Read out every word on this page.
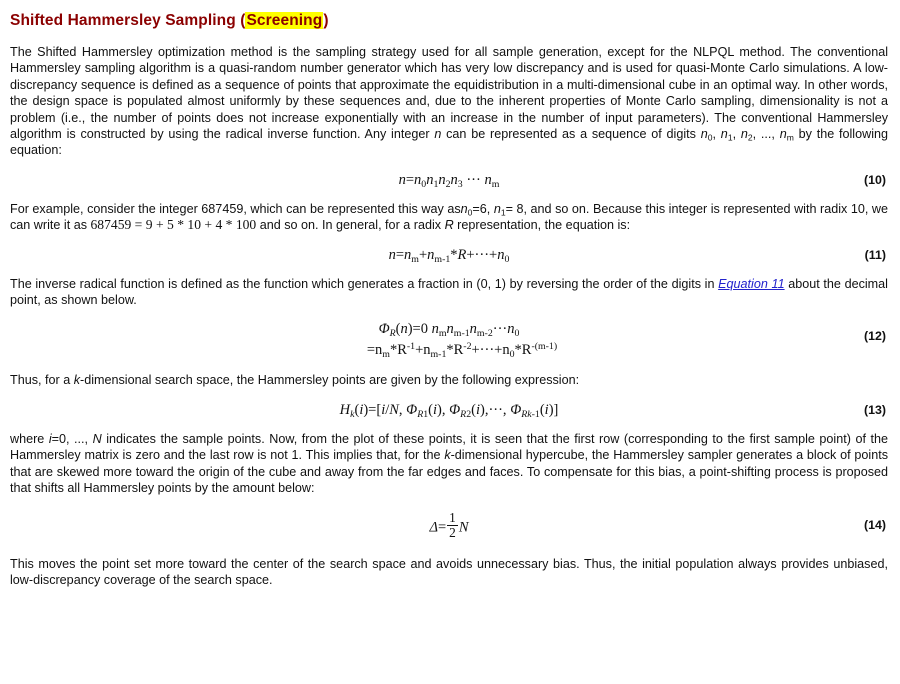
Shifted Hammersley Sampling (Screening)

The Shifted Hammersley optimization method is the sampling strategy used for all sample generation, except for the NLPQL method. The conventional Hammersley sampling algorithm is a quasi-random number generator which has very low discrepancy and is used for quasi-Monte Carlo simulations. A low-discrepancy sequence is defined as a sequence of points that approximate the equidistribution in a multi-dimensional cube in an optimal way. In other words, the design space is populated almost uniformly by these sequences and, due to the inherent properties of Monte Carlo sampling, dimensionality is not a problem (i.e., the number of points does not increase exponentially with an increase in the number of input parameters). The conventional Hammersley algorithm is constructed by using the radical inverse function. Any integer n can be represented as a sequence of digits $n_0$, $n_1$, $n_2$, ..., $n_m$ by the following equation:

$n=n_0n_1n_2n_3$ ··· $n_m$	(10)

For example, consider the integer 687459, which can be represented this way asn$_0$=6, $n_1= 8$, and so on. Because this integer is represented with radix 10, we can write it as 687459 = 9 + 5 * 10 + 4 * 100 and so on. In general, for a radix R representation, the equation is:

$n=n_m+n_{m-1}*R+\cdot\cdot\cdot+n_0$	(11)

The inverse radical function is defined as the function which generates a fraction in (0, 1) by reversing the order of the digits in Equation 11 about the decimal point, as shown below.

$\Phi_R(n)=0$ $n_mn_{m-1}n_{m-2}\cdot\cdot\cdot n_0$
$=n_m*R^{-1}+n_{m-1}*R^{-2}+\cdot\cdot\cdot+n_0*R^{-(m-1)}$
(12)

Thus, for a k-dimensional search space, the Hammersley points are given by the following expression:

$H_k(i)=[i/N$, $\Phi_{R1}(i)$, $\Phi_{R2}(i),\cdot\cdot\cdot$, $\Phi_{Rk-1}(i)$]	(13)

where i=0, ..., N indicates the sample points. Now, from the plot of these points, it is seen that the first row (corresponding to the first sample point) of the Hammersley matrix is zero and the last row is not 1. This implies that, for the k-dimensional hypercube, the Hammersley sampler generates a block of points that are skewed more toward the origin of the cube and away from the far edges and faces. To compensate for this bias, a point-shifting process is proposed that shifts all Hammersley points by the amount below:

$\Delta= \frac{1}{2}$ N	(14)

This moves the point set more toward the center of the search space and avoids unnecessary bias. Thus, the initial population always provides unbiased, low-discrepancy coverage of the search space.
